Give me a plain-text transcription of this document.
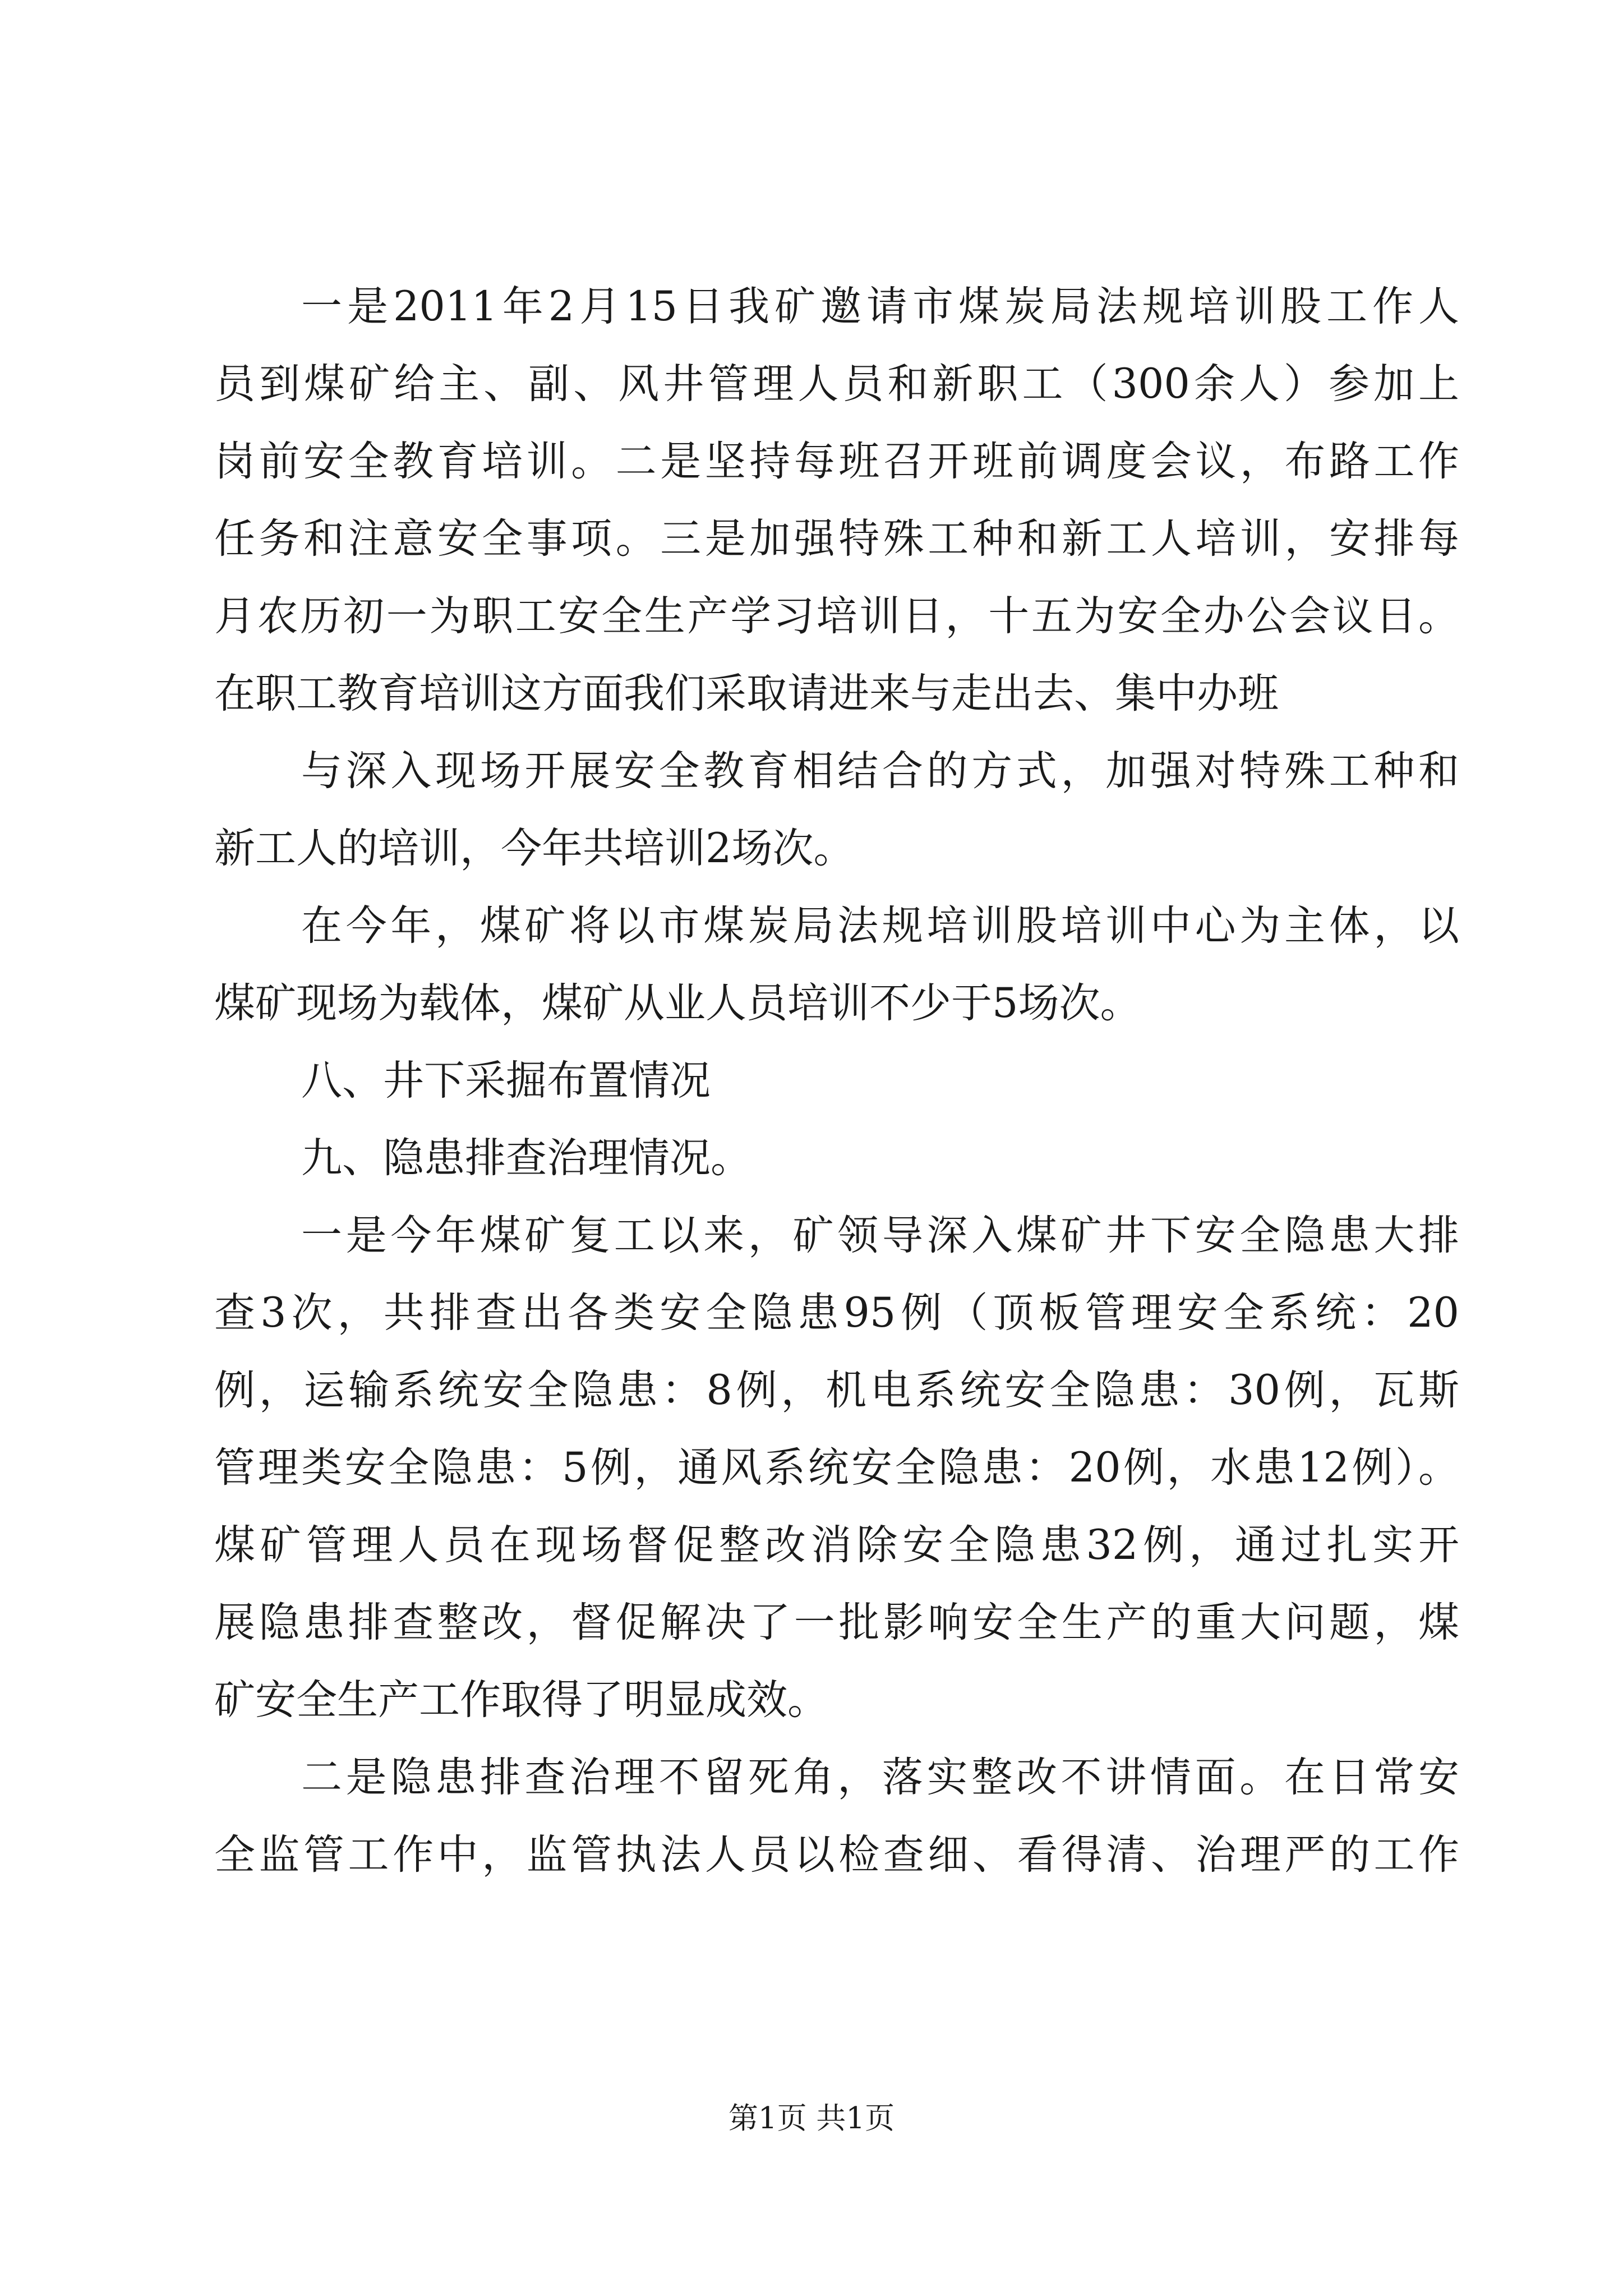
一是2011年2月15日我矿邀请市煤炭局法规培训股工作人
员到煤矿给主、副、风井管理人员和新职工（300余人）参加上
岗前安全教育培训。二是坚持每班召开班前调度会议，布路工作
任务和注意安全事项。三是加强特殊工种和新工人培训，安排每
月农历初一为职工安全生产学习培训日，十五为安全办公会议日。
在职工教育培训这方面我们采取请进来与走出去、集中办班
与深入现场开展安全教育相结合的方式，加强对特殊工种和
新工人的培训，今年共培训2场次。
在今年，煤矿将以市煤炭局法规培训股培训中心为主体，以
煤矿现场为载体，煤矿从业人员培训不少于5场次。
八、井下采掘布置情况
九、隐患排查治理情况。
一是今年煤矿复工以来，矿领导深入煤矿井下安全隐患大排
查3次，共排查出各类安全隐患95例（顶板管理安全系统：20
例，运输系统安全隐患：8例，机电系统安全隐患：30例，瓦斯
管理类安全隐患：5例，通风系统安全隐患：20例，水患12例）。
煤矿管理人员在现场督促整改消除安全隐患32例，通过扎实开
展隐患排查整改，督促解决了一批影响安全生产的重大问题，煤
矿安全生产工作取得了明显成效。
二是隐患排查治理不留死角，落实整改不讲情面。在日常安
全监管工作中，监管执法人员以检查细、看得清、治理严的工作
第1页 共1页
